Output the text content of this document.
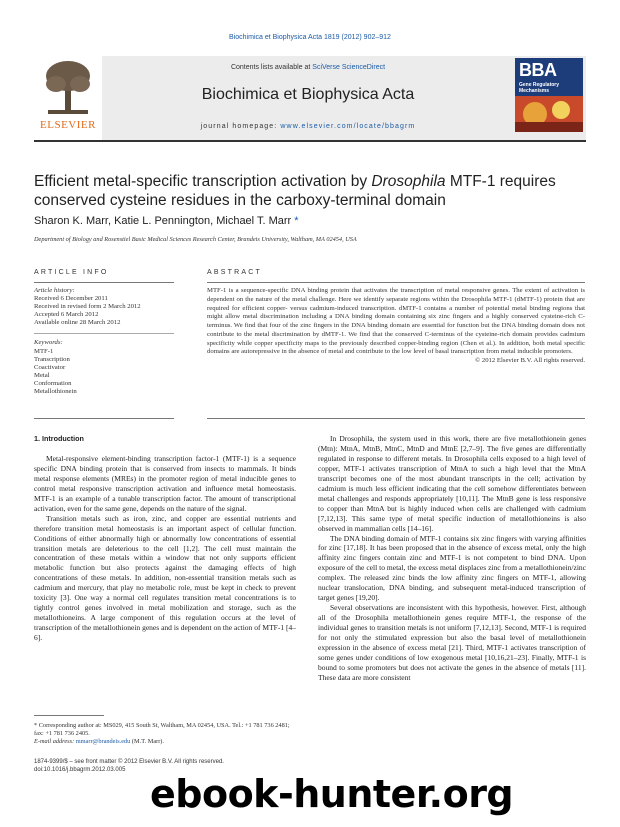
Biochimica et Biophysica Acta 1819 (2012) 902–912
ELSEVIER
Contents lists available at SciVerse ScienceDirect
Biochimica et Biophysica Acta
journal homepage: www.elsevier.com/locate/bbagrm
BBA
Gene Regulatory Mechanisms
Efficient metal-specific transcription activation by Drosophila MTF-1 requires conserved cysteine residues in the carboxy-terminal domain
Sharon K. Marr, Katie L. Pennington, Michael T. Marr *
Department of Biology and Rosenstiel Basic Medical Sciences Research Center, Brandeis University, Waltham, MA 02454, USA
ARTICLE INFO
Article history:
Received 6 December 2011
Received in revised form 2 March 2012
Accepted 6 March 2012
Available online 28 March 2012
Keywords:
MTF-1
Transcription
Coactivator
Metal
Conformation
Metallothionein
ABSTRACT
MTF-1 is a sequence-specific DNA binding protein that activates the transcription of metal responsive genes. The extent of activation is dependent on the nature of the metal challenge. Here we identify separate regions within the Drosophila MTF-1 (dMTF-1) protein that are required for efficient copper- versus cadmium-induced transcription. dMTF-1 contains a number of potential metal binding regions that might allow metal discrimination including a DNA binding domain containing six zinc fingers and a highly conserved cysteine-rich C-terminus. We find that four of the zinc fingers in the DNA binding domain are essential for function but the DNA binding domain does not contribute to the metal discrimination by dMTF-1. We find that the conserved C-terminus of the cysteine-rich domain provides cadmium specificity while copper specificity maps to the previously described copper-binding region (Chen et al.). In addition, both metal specific domains are autorepressive in the absence of metal and contribute to the low level of basal transcription from metal inducible promoters.
© 2012 Elsevier B.V. All rights reserved.
1. Introduction

Metal-responsive element-binding transcription factor-1 (MTF-1) is a sequence specific DNA binding protein that is conserved from insects to mammals. It binds metal response elements (MREs) in the promoter region of metal inducible genes to control metal responsive transcription activation and influence metal homeostasis. MTF-1 is an example of a tunable transcription factor. The amount of transcriptional activation, even for the same gene, depends on the nature of the signal.

Transition metals such as iron, zinc, and copper are essential nutrients and therefore transition metal homeostasis is an important aspect of cellular function. Conditions of either abnormally high or abnormally low concentrations of essential transition metals are deleterious to the cell [1,2]. The cell must maintain the concentration of these metals within a window that not only supports efficient metabolic function but also protects against the damaging effects of high concentrations of these metals. In addition, non-essential transition metals such as cadmium and mercury, that play no metabolic role, must be kept in check to prevent toxicity [3]. One way a normal cell regulates transition metal concentrations is to tightly control genes involved in metal mobilization and storage, such as the metallothioneins. A large component of this regulation occurs at the level of transcription of the metallothionein genes and is dependent on the action of MTF-1 [4–6].

In Drosophila, the system used in this work, there are five metallothionein genes (Mtn): MtnA, MtnB, MtnC, MtnD and MtnE [2,7–9]. The five genes are differentially regulated in response to different metals. In Drosophila cells exposed to a high level of copper, MTF-1 activates transcription of MtnA to such a high level that the MtnA transcript becomes one of the most abundant transcripts in the cell; activation by cadmium is much less efficient indicating that the cell somehow differentiates between metal challenges and responds appropriately [10,11]. The MtnB gene is less responsive to copper than MtnA but is highly induced when cells are challenged with cadmium [7,12,13]. This same type of metal specific induction of metallothioneins is also observed in mammalian cells [14–16].

The DNA binding domain of MTF-1 contains six zinc fingers with varying affinities for zinc [17,18]. It has been proposed that in the absence of excess metal, only the high affinity zinc fingers contain zinc and MTF-1 is not competent to bind DNA. Upon exposure of the cell to metal, the excess metal displaces zinc from a metallothionein/zinc complex. The released zinc binds the low affinity zinc fingers on MTF-1, allowing nuclear translocation, DNA binding, and subsequent metal-induced transcription of target genes [19,20].

Several observations are inconsistent with this hypothesis, however. First, although all of the Drosophila metallothionein genes require MTF-1, the response of the individual genes to transition metals is not uniform [7,12,13]. Second, MTF-1 is required for not only the stimulated expression but also the basal level of metallothionein expression in the absence of excess metal [21]. Third, MTF-1 activates transcription of some genes under conditions of low exogenous metal [10,16,21–23]. Finally, MTF-1 is bound to some promoters but does not activate the genes in the absence of metals [11]. These data are more consistent

* Corresponding author at: MS029, 415 South St, Waltham, MA 02454, USA. Tel.: +1 781 736 2481; fax: +1 781 736 2405.
E-mail address: mmarr@brandeis.edu (M.T. Marr).
1874-9399/$ – see front matter © 2012 Elsevier B.V. All rights reserved.
doi:10.1016/j.bbagrm.2012.03.005
ebook-hunter.org
